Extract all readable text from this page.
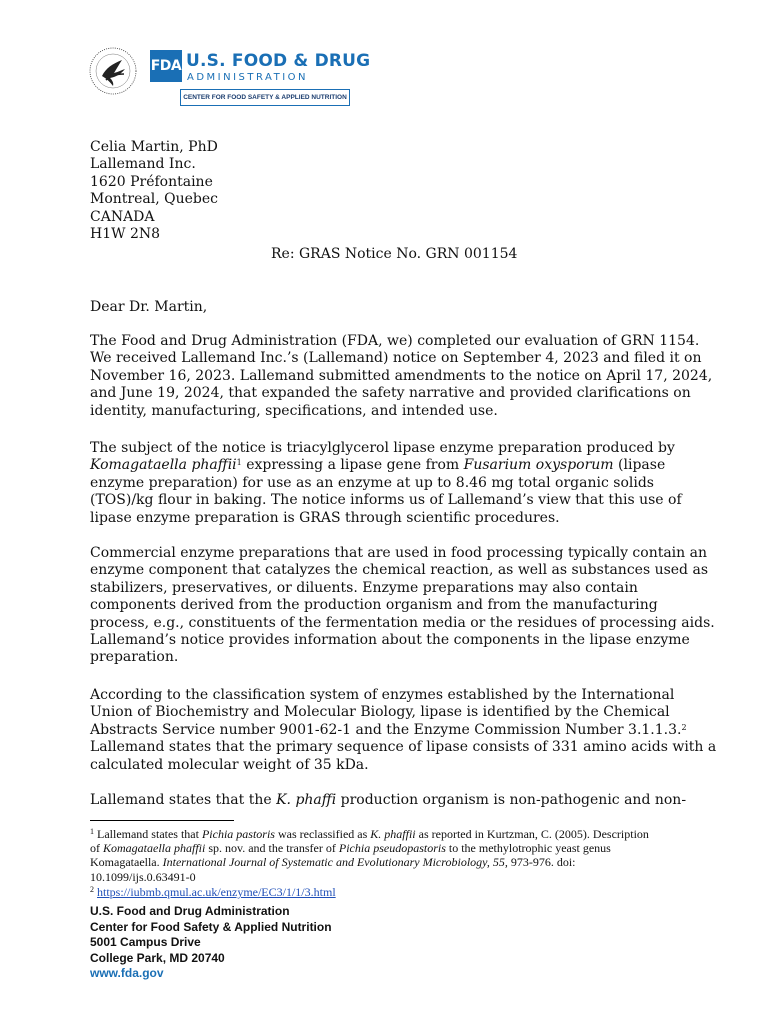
FDA U.S. FOOD & DRUG
ADMINISTRATION
CENTER FOR FOOD SAFETY & APPLIED NUTRITION
Celia Martin, PhD
Lallemand Inc.
1620 Préfontaine
Montreal, Quebec
CANADA
H1W 2N8
Re: GRAS Notice No. GRN 001154
Dear Dr. Martin,
The Food and Drug Administration (FDA, we) completed our evaluation of GRN 1154.
We received Lallemand Inc.’s (Lallemand) notice on September 4, 2023 and filed it on
November 16, 2023. Lallemand submitted amendments to the notice on April 17, 2024,
and June 19, 2024, that expanded the safety narrative and provided clarifications on
identity, manufacturing, specifications, and intended use.
The subject of the notice is triacylglycerol lipase enzyme preparation produced by
Komagataella phaffii$^1$ expressing a lipase gene from Fusarium oxysporum (lipase
enzyme preparation) for use as an enzyme at up to 8.46 mg total organic solids
(TOS)/kg flour in baking. The notice informs us of Lallemand’s view that this use of
lipase enzyme preparation is GRAS through scientific procedures.
Commercial enzyme preparations that are used in food processing typically contain an
enzyme component that catalyzes the chemical reaction, as well as substances used as
stabilizers, preservatives, or diluents. Enzyme preparations may also contain
components derived from the production organism and from the manufacturing
process, e.g., constituents of the fermentation media or the residues of processing aids.
Lallemand’s notice provides information about the components in the lipase enzyme
preparation.
According to the classification system of enzymes established by the International
Union of Biochemistry and Molecular Biology, lipase is identified by the Chemical
Abstracts Service number 9001-62-1 and the Enzyme Commission Number 3.1.1.3.$^2$
Lallemand states that the primary sequence of lipase consists of 331 amino acids with a
calculated molecular weight of 35 kDa.
Lallemand states that the K. phaffi production organism is non-pathogenic and non-
$^1$ Lallemand states that Pichia pastoris was reclassified as K. phaffii as reported in Kurtzman, C. (2005). Description
of Komagataella phaffii sp. nov. and the transfer of Pichia pseudopastoris to the methylotrophic yeast genus
Komagataella. International Journal of Systematic and Evolutionary Microbiology, 55, 973-976. doi:
10.1099/ijs.0.63491-0
$^2$ https://iubmb.qmul.ac.uk/enzyme/EC3/1/1/3.html
U.S. Food and Drug Administration
Center for Food Safety & Applied Nutrition
5001 Campus Drive
College Park, MD 20740
www.fda.gov
